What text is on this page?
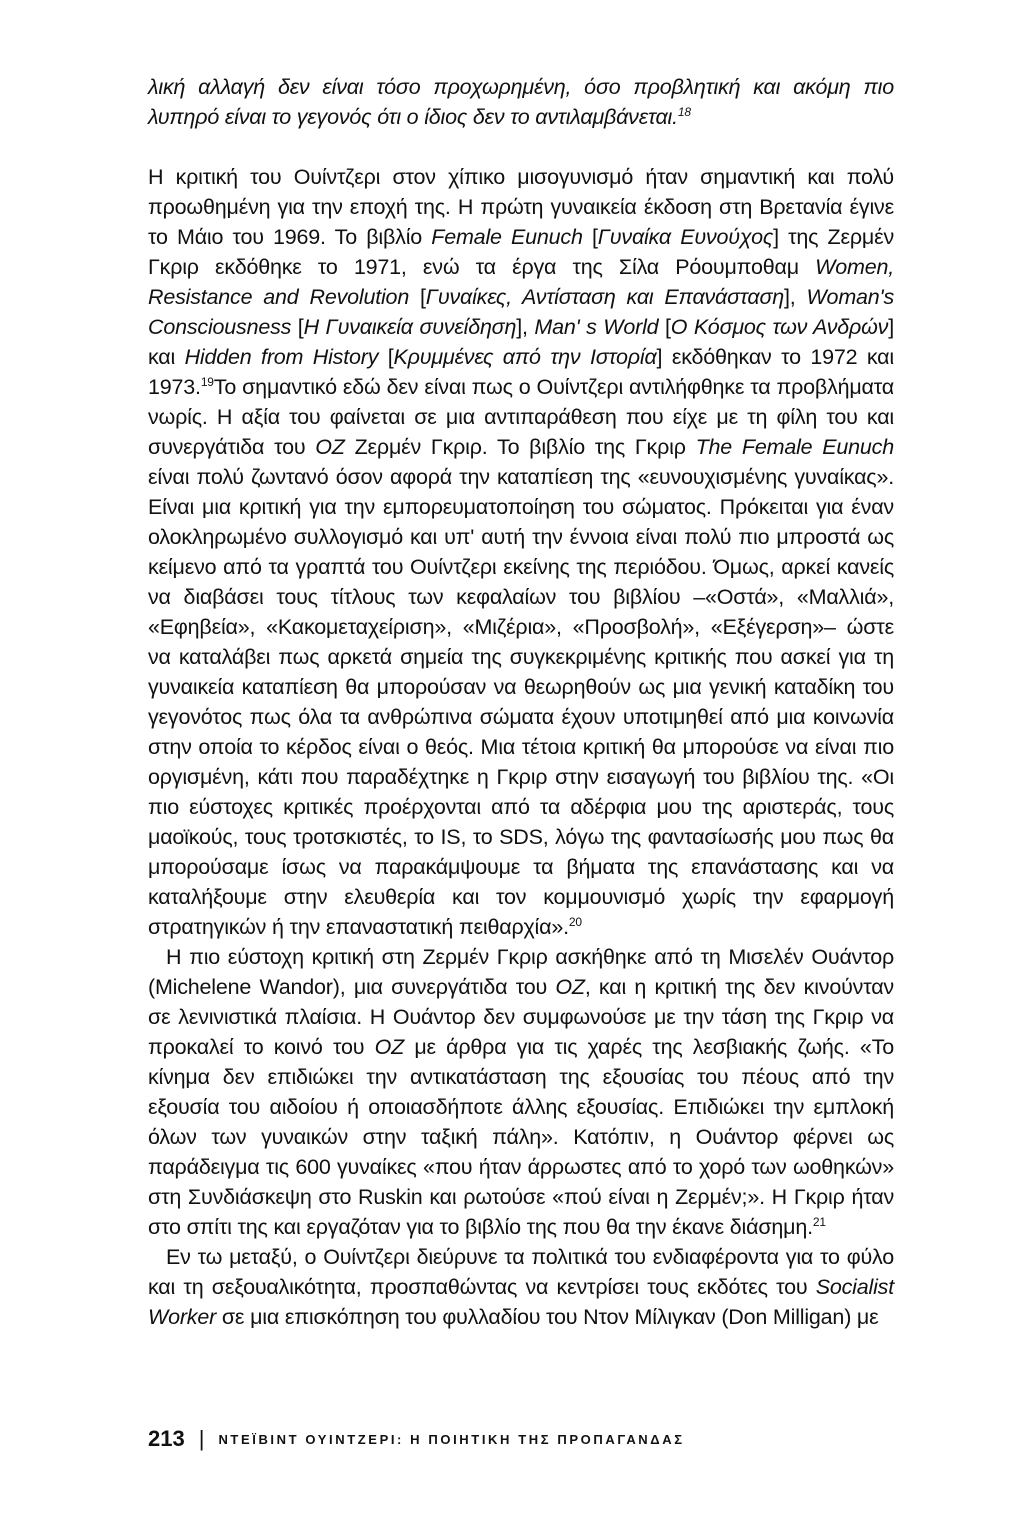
λική αλλαγή δεν είναι τόσο προχωρημένη, όσο προβλητική και ακόμη πιο λυπηρό είναι το γεγονός ότι ο ίδιος δεν το αντιλαμβάνεται.$^{18}$

Η κριτική του Ουίντζερι στον χίπικο μισογυνισμό ήταν σημαντική και πολύ προωθημένη για την εποχή της. Η πρώτη γυναικεία έκδοση στη Βρετανία έγινε το Μάιο του 1969. Το βιβλίο Female Eunuch [Γυναίκα Ευνούχος] της Ζερμέν Γκριρ εκδόθηκε το 1971, ενώ τα έργα της Σίλα Ρόουμποθαμ Women, Resistance and Revolution [Γυναίκες, Αντίσταση και Επανάσταση], Woman's Consciousness [Η Γυναικεία συνείδηση], Man' s World [Ο Κόσμος των Ανδρών] και Hidden from History [Κρυμμένες από την Ιστορία] εκδόθηκαν το 1972 και 1973.19Το σημαντικό εδώ δεν είναι πως ο Ουίντζερι αντιλήφθηκε τα προβλήματα νωρίς. Η αξία του φαίνεται σε μια αντιπαράθεση που είχε με τη φίλη του και συνεργάτιδα του OZ Ζερμέν Γκριρ. Το βιβλίο της Γκριρ The Female Eunuch είναι πολύ ζωντανό όσον αφορά την καταπίεση της «ευνουχισμένης γυναίκας». Είναι μια κριτική για την εμπορευματοποίηση του σώματος. Πρόκειται για έναν ολοκληρωμένο συλλογισμό και υπ' αυτή την έννοια είναι πολύ πιο μπροστά ως κείμενο από τα γραπτά του Ουίντζερι εκείνης της περιόδου. Όμως, αρκεί κανείς να διαβάσει τους τίτλους των κεφαλαίων του βιβλίου –«Οστά», «Μαλλιά», «Εφηβεία», «Κακομεταχείριση», «Μιζέρια», «Προσβολή», «Εξέγερση»– ώστε να καταλάβει πως αρκετά σημεία της συγκεκριμένης κριτικής που ασκεί για τη γυναικεία καταπίεση θα μπορούσαν να θεωρηθούν ως μια γενική καταδίκη του γεγονότος πως όλα τα ανθρώπινα σώματα έχουν υποτιμηθεί από μια κοινωνία στην οποία το κέρδος είναι ο θεός. Μια τέτοια κριτική θα μπορούσε να είναι πιο οργισμένη, κάτι που παραδέχτηκε η Γκριρ στην εισαγωγή του βιβλίου της. «Οι πιο εύστοχες κριτικές προέρχονται από τα αδέρφια μου της αριστεράς, τους μαοϊκούς, τους τροτσκιστές, το IS, το SDS, λόγω της φαντασίωσής μου πως θα μπορούσαμε ίσως να παρακάμψουμε τα βήματα της επανάστασης και να καταλήξουμε στην ελευθερία και τον κομμουνισμό χωρίς την εφαρμογή στρατηγικών ή την επαναστατική πειθαρχία».$^{20}$

Η πιο εύστοχη κριτική στη Ζερμέν Γκριρ ασκήθηκε από τη Μισελέν Ουάντορ (Michelene Wandor), μια συνεργάτιδα του OZ, και η κριτική της δεν κινούνταν σε λενινιστικά πλαίσια. Η Ουάντορ δεν συμφωνούσε με την τάση της Γκριρ να προκαλεί το κοινό του OZ με άρθρα για τις χαρές της λεσβιακής ζωής. «Το κίνημα δεν επιδιώκει την αντικατάσταση της εξουσίας του πέους από την εξουσία του αιδοίου ή οποιασδήποτε άλλης εξουσίας. Επιδιώκει την εμπλοκή όλων των γυναικών στην ταξική πάλη». Κατόπιν, η Ουάντορ φέρνει ως παράδειγμα τις 600 γυναίκες «που ήταν άρρωστες από το χορό των ωοθηκών» στη Συνδιάσκεψη στο Ruskin και ρωτούσε «πού είναι η Ζερμέν;». Η Γκριρ ήταν στο σπίτι της και εργαζόταν για το βιβλίο της που θα την έκανε διάσημη.$^{21}$

Εν τω μεταξύ, ο Ουίντζερι διεύρυνε τα πολιτικά του ενδιαφέροντα για το φύλο και τη σεξουαλικότητα, προσπαθώντας να κεντρίσει τους εκδότες του Socialist Worker σε μια επισκόπηση του φυλλαδίου του Ντον Μίλιγκαν (Don Milligan) με

213 | ΝΤΕΪΒΙΝΤ ΟΥΙΝΤΖΕΡΙ: Η ΠΟΙΗΤΙΚΗ ΤΗΣ ΠΡΟΠΑΓΑΝΔΑΣ
